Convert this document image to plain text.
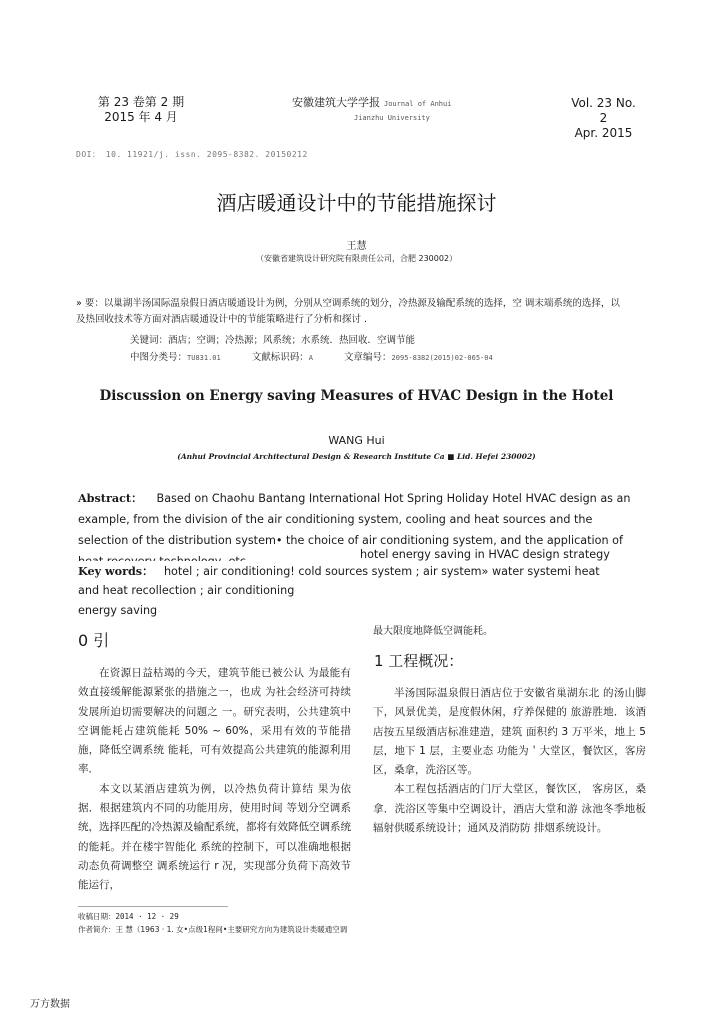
第 23 卷第 2 期
2015 年 4 月
安徽建筑大学学报 Journal of Anhui
Jianzhu University
Vol. 23 No.
2
Apr. 2015
DOI： 10. 11921/j. issn. 2095-8382. 20150212
酒店暖通设计中的节能措施探讨
王慧
（安徽省建筑设计研究院有限责任公司，合肥 230002）
» 要：以巢湖半汤国际温泉假日酒店暖通设计为例，分别从空调系统的划分，冷热源及输配系统的选择，空 调末端系统的选择，以及热回收技术等方面对酒店暖通设计中的节能策略进行了分析和探讨 .
关键词：酒店；空调；冷热源；风系统；水系统．热回收．空调节能
中图分类号：TU831.01	文献标识码：A	文章编号：2095-8382(2015)02-065-04
Discussion on Energy saving Measures of HVAC Design in the Hotel
WANG Hui
(Anhui Provincial Architectural Design & Research Institute Ca ■ Lid. Hefei 230002)
Abstract： Based on Chaohu Bantang International Hot Spring Holiday Hotel HVAC design as an example, from the division of the air conditioning system, cooling and heat sources and the selection of the distribution system• the choice of air conditioning system, and the application of
hotel energy saving in HVAC design strategy
Key words： hotel ; air conditioning! cold sources system ; air system» water systemi heat
and heat recollection ; air conditioning
energy saving
最大限度地降低空调能耗。
0 引
1 工程概况：

在资源日益枯竭的今天，建筑节能已被公认 为最能有效直接缓解能源紧张的措施之一，也成 为社会经济可持续发展所迫切需要解决的问题之 一。研究表明，公共建筑中空调能耗占建筑能耗 50% ~ 60%，采用有效的节能措施，降低空调系统 能耗，可有效提高公共建筑的能源利用率．

本文以某酒店建筑为例，以冷热负荷计算结 果为依据．根据建筑内不同的功能用房，使用时间 等划分空调系统，选择匹配的冷热源及输配系统，都将有效降低空调系统的能耗。并在楼宇智能化 系统的控制下，可以准确地根据动态负荷调整空 调系统运行 r 况，实现部分负荷下高效节能运行，

半汤国际温泉假日酒店位于安徽省巢湖东北 的汤山脚下，风景优美，是度假休闲，疗养保健的 旅游胜地．该酒店按五星级酒店标准建造，建筑 面积约 3 万平米，地上 5 层，地下 1 层，主要业态 功能为＇大堂区，餐饮区，客房区，桑拿，洗浴区等。

本工程包括酒店的门厅大堂区，餐饮区， 客房区，桑拿．洗浴区等集中空调设计，酒店大堂和游 泳池冬季地板辐射供暖系统设计；通风及消防防 排烟系统设计。

收稿日期：2014 · 12 · 29
作者简介：王 慧（1963 · 1. 女•点级1程间•主要研究方向为建筑设计类暖通空调
万方数据
